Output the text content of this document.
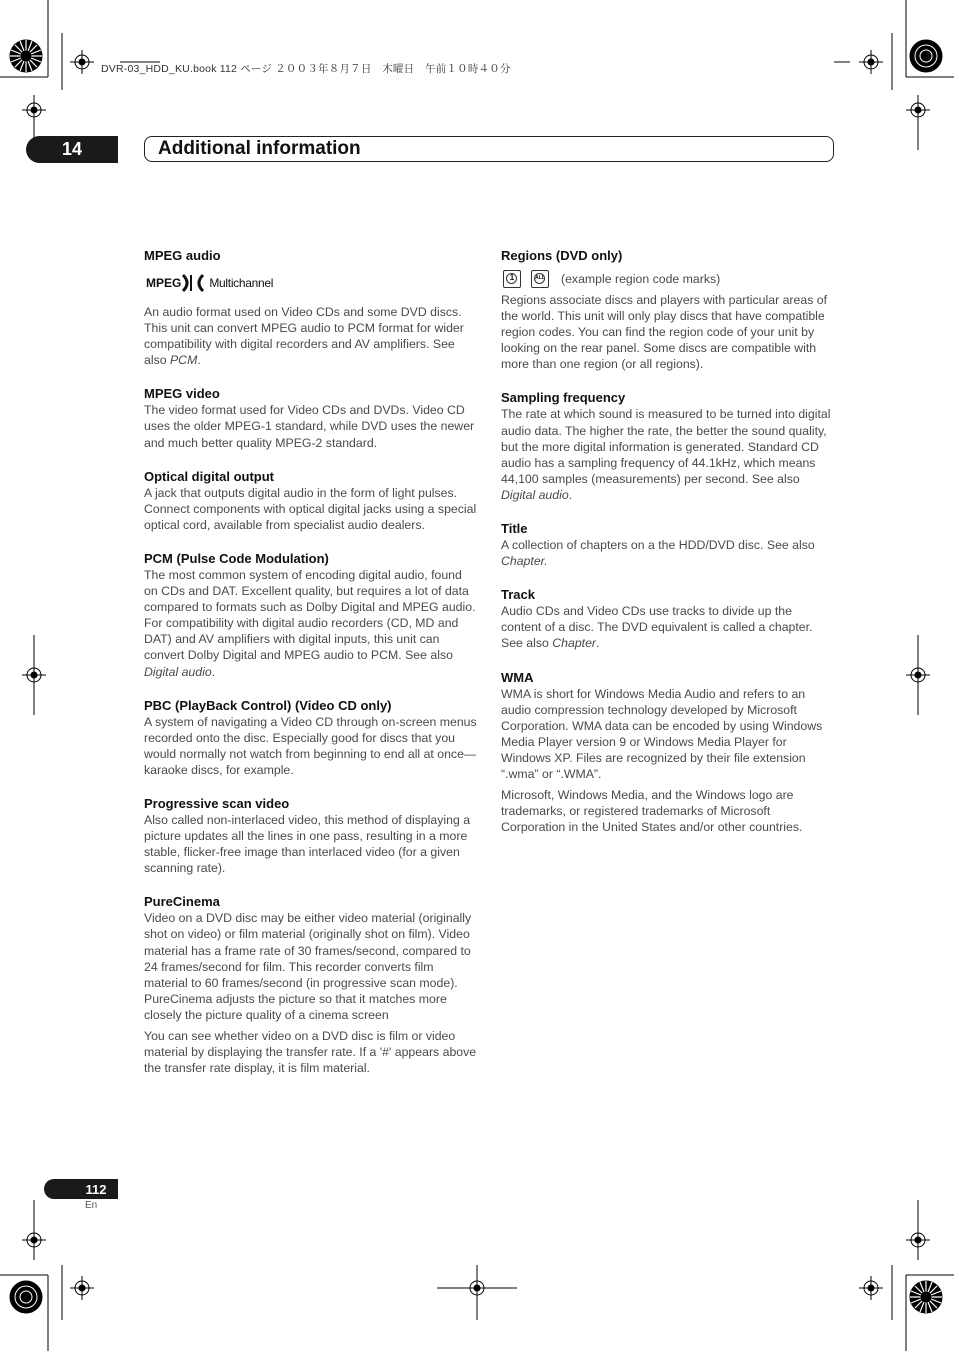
DVR-03_HDD_KU.book 112 ページ ２００３年８月７日　木曜日　午前１０時４０分
14	Additional information
MPEG audio
MPEG Multichannel

An audio format used on Video CDs and some DVD discs. This unit can convert MPEG audio to PCM format for wider compatibility with digital recorders and AV amplifiers. See also PCM.

MPEG video

The video format used for Video CDs and DVDs. Video CD uses the older MPEG-1 standard, while DVD uses the newer and much better quality MPEG-2 standard.

Optical digital output

A jack that outputs digital audio in the form of light pulses. Connect components with optical digital jacks using a special optical cord, available from specialist audio dealers.

PCM (Pulse Code Modulation)

The most common system of encoding digital audio, found on CDs and DAT. Excellent quality, but requires a lot of data compared to formats such as Dolby Digital and MPEG audio. For compatibility with digital audio recorders (CD, MD and DAT) and AV amplifiers with digital inputs, this unit can convert Dolby Digital and MPEG audio to PCM. See also Digital audio.

PBC (PlayBack Control) (Video CD only)

A system of navigating a Video CD through on-screen menus recorded onto the disc. Especially good for discs that you would normally not watch from beginning to end all at once—karaoke discs, for example.

Progressive scan video

Also called non-interlaced video, this method of displaying a picture updates all the lines in one pass, resulting in a more stable, flicker-free image than interlaced video (for a given scanning rate).

PureCinema

Video on a DVD disc may be either video material (originally shot on video) or film material (originally shot on film). Video material has a frame rate of 30 frames/second, compared to 24 frames/second for film. This recorder converts film material to 60 frames/second (in progressive scan mode). PureCinema adjusts the picture so that it matches more closely the picture quality of a cinema screen

You can see whether video on a DVD disc is film or video material by displaying the transfer rate. If a '#' appears above the transfer rate display, it is film material.

Regions (DVD only)
1	ALL (example region code marks)

Regions associate discs and players with particular areas of the world. This unit will only play discs that have compatible region codes. You can find the region code of your unit by looking on the rear panel. Some discs are compatible with more than one region (or all regions).

Sampling frequency

The rate at which sound is measured to be turned into digital audio data. The higher the rate, the better the sound quality, but the more digital information is generated. Standard CD audio has a sampling frequency of 44.1kHz, which means 44,100 samples (measurements) per second. See also Digital audio.

Title

A collection of chapters on a the HDD/DVD disc. See also Chapter.

Track

Audio CDs and Video CDs use tracks to divide up the content of a disc. The DVD equivalent is called a chapter. See also Chapter.

WMA

WMA is short for Windows Media Audio and refers to an audio compression technology developed by Microsoft Corporation. WMA data can be encoded by using Windows Media Player version 9 or Windows Media Player for Windows XP. Files are recognized by their file extension “.wma” or “.WMA”.

Microsoft, Windows Media, and the Windows logo are trademarks, or registered trademarks of Microsoft Corporation in the United States and/or other countries.

112
En
